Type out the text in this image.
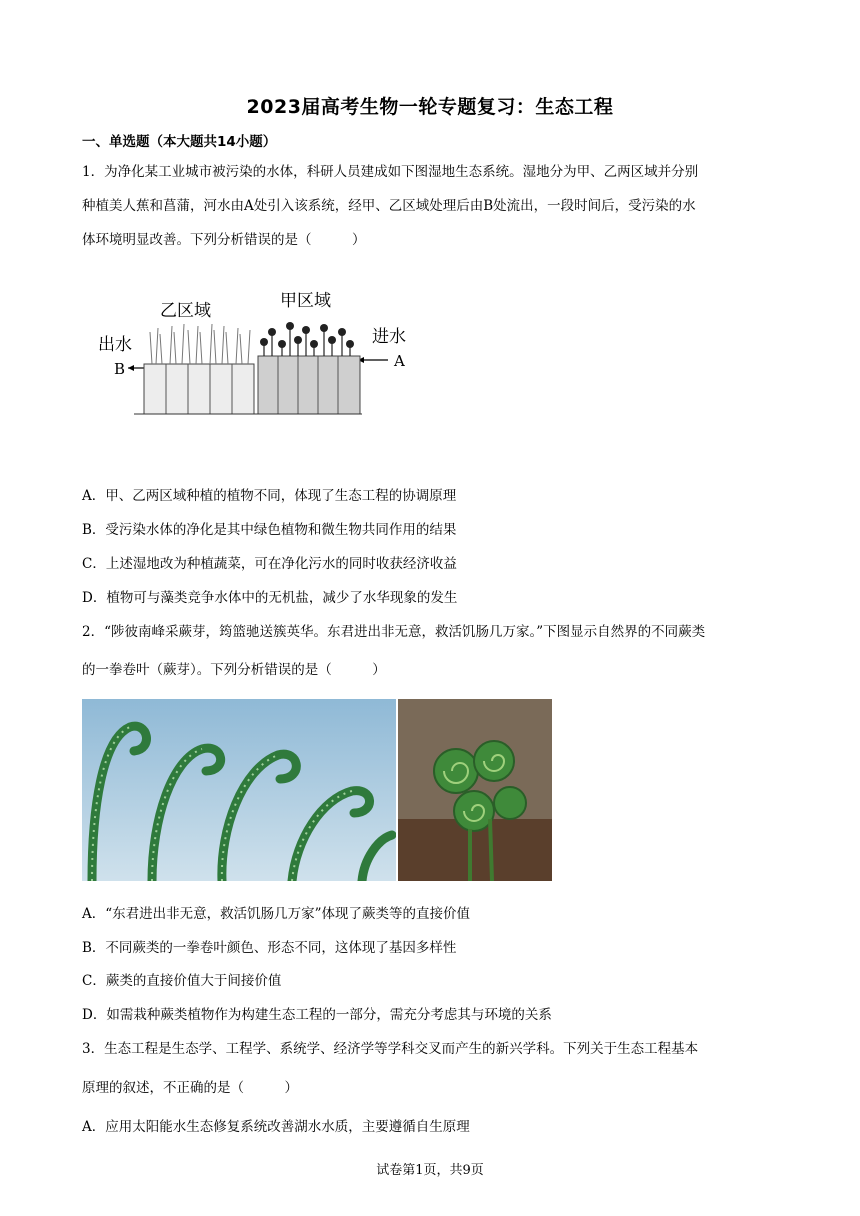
2023届高考生物一轮专题复习：生态工程
一、单选题（本大题共14小题）
1．为净化某工业城市被污染的水体，科研人员建成如下图湿地生态系统。湿地分为甲、乙两区域并分别
种植美人蕉和菖蒲，河水由A处引入该系统，经甲、乙区域处理后由B处流出，一段时间后，受污染的水
体环境明显改善。下列分析错误的是（　　　）
乙区域	甲区域
出水	进水
B	A
A．甲、乙两区域种植的植物不同，体现了生态工程的协调原理
B．受污染水体的净化是其中绿色植物和微生物共同作用的结果
C．上述湿地改为种植蔬菜，可在净化污水的同时收获经济收益
D．植物可与藻类竞争水体中的无机盐，减少了水华现象的发生
2．“陟彼南峰采蕨芽，筠篮驰送簇英华。东君进出非无意，救活饥肠几万家。”下图显示自然界的不同蕨类
的一拳卷叶（蕨芽）。下列分析错误的是（　　　）
A．“东君进出非无意，救活饥肠几万家”体现了蕨类等的直接价值
B．不同蕨类的一拳卷叶颜色、形态不同，这体现了基因多样性
C．蕨类的直接价值大于间接价值
D．如需栽种蕨类植物作为构建生态工程的一部分，需充分考虑其与环境的关系
3．生态工程是生态学、工程学、系统学、经济学等学科交叉而产生的新兴学科。下列关于生态工程基本
原理的叙述，不正确的是（　　　）
A．应用太阳能水生态修复系统改善湖水水质，主要遵循自生原理
试卷第1页，共9页
